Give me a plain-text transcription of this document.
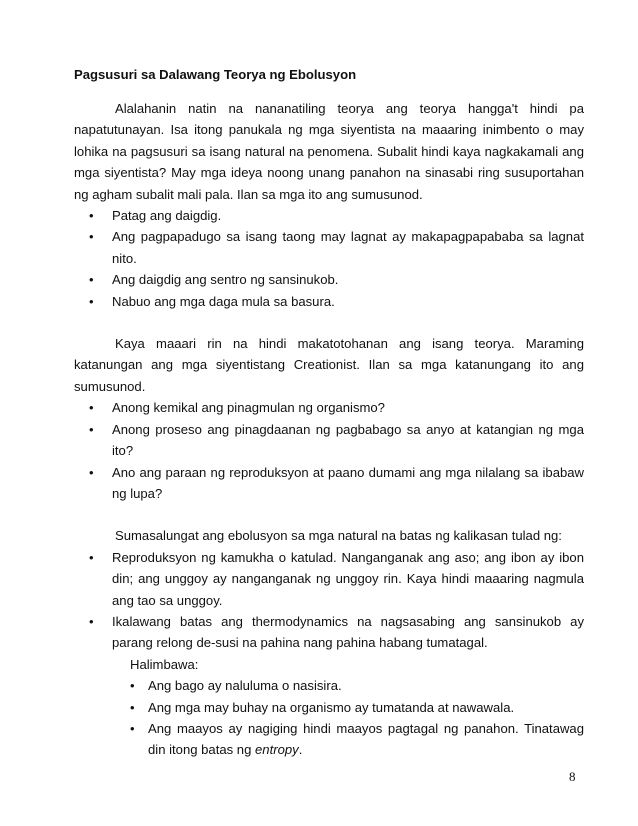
Pagsusuri sa Dalawang Teorya ng Ebolusyon

Alalahanin natin na nananatiling teorya ang teorya hangga't hindi pa napatutunayan. Isa itong panukala ng mga siyentista na maaaring inimbento o may lohika na pagsusuri sa isang natural na penomena. Subalit hindi kaya nagkakamali ang mga siyentista? May mga ideya noong unang panahon na sinasabi ring susuportahan ng agham subalit mali pala. Ilan sa mga ito ang sumusunod.

• Patag ang daigdig.
• Ang pagpapadugo sa isang taong may lagnat ay makapagpapababa sa lagnat nito.
• Ang daigdig ang sentro ng sansinukob.
• Nabuo ang mga daga mula sa basura.

Kaya maaari rin na hindi makatotohanan ang isang teorya. Maraming katanungan ang mga siyentistang Creationist. Ilan sa mga katanungang ito ang sumusunod.

• Anong kemikal ang pinagmulan ng organismo?
• Anong proseso ang pinagdaanan ng pagbabago sa anyo at katangian ng mga ito?
• Ano ang paraan ng reproduksyon at paano dumami ang mga nilalang sa ibabaw ng lupa?

Sumasalungat ang ebolusyon sa mga natural na batas ng kalikasan tulad ng:

• Reproduksyon ng kamukha o katulad. Nanganganak ang aso; ang ibon ay ibon din; ang unggoy ay nanganganak ng unggoy rin. Kaya hindi maaaring nagmula ang tao sa unggoy.
• Ikalawang batas ang thermodynamics na nagsasabing ang sansinukob ay parang relong de-susi na pahina nang pahina habang tumatagal.
Halimbawa:
• Ang bago ay naluluma o nasisira.
• Ang mga may buhay na organismo ay tumatanda at nawawala.
• Ang maayos ay nagiging hindi maayos pagtagal ng panahon. Tinatawag din itong batas ng entropy.
8
